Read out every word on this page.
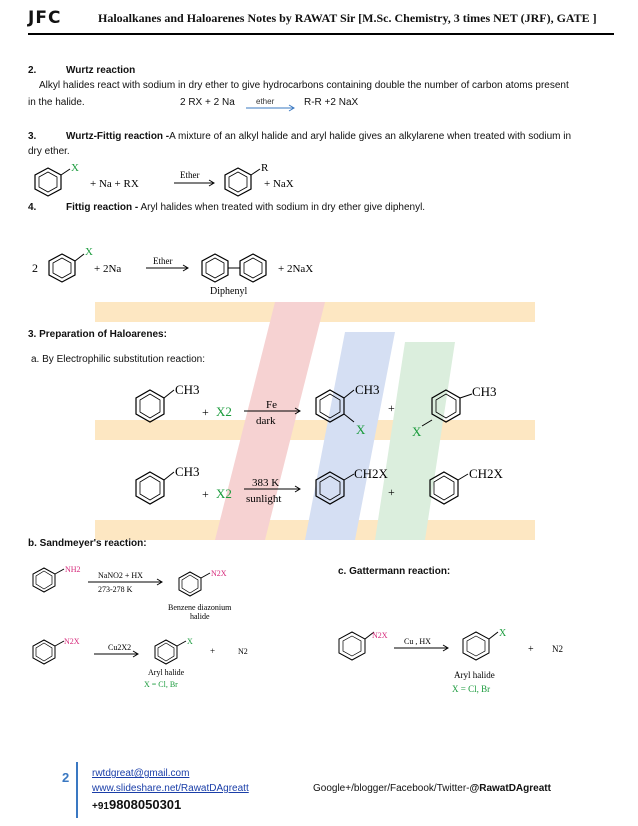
JFC	Haloalkanes and Haloarenes Notes by RAWAT Sir [M.Sc. Chemistry, 3 times NET (JRF), GATE ]
2.	Wurtz reaction
Alkyl halides react with sodium in dry ether to give hydrocarbons containing double the number of carbon atoms present
in the halide.	2 RX + 2 Na	ether → R-R +2 NaX
3.	Wurtz-Fittig reaction -A mixture of an alkyl halide and aryl halide gives an alkylarene when treated with sodium in
dry ether.
X
+ Na + RX
Ether
R
+ NaX
4.	Fittig reaction - Aryl halides when treated with sodium in dry ether give diphenyl.
2
X
+ 2Na
Ether
+ 2NaX
Diphenyl
3. Preparation of Haloarenes:
a. By Electrophilic substitution reaction:
CH3
+ X2	Fe
dark
CH3
X
+
X
CH3
CH3
+ X2
383 K
sunlight
CH2X
+
CH2X
b. Sandmeyer's reaction:
c. Gattermann reaction:
NH2
NaNO2 + HX
273-278 K
N2X
Benzene diazonium
halide
N2X
Cu2X2
X
Aryl halide
X = Cl, Br
+	N2
N2X
Cu , HX
X
Aryl halide
X = Cl, Br
+ N2
2 rwtdgreat@gmail.com
www.slideshare.net/RawatDAgreatt
+919808050301
Google+/blogger/Facebook/Twitter-@RawatDAgreatt
